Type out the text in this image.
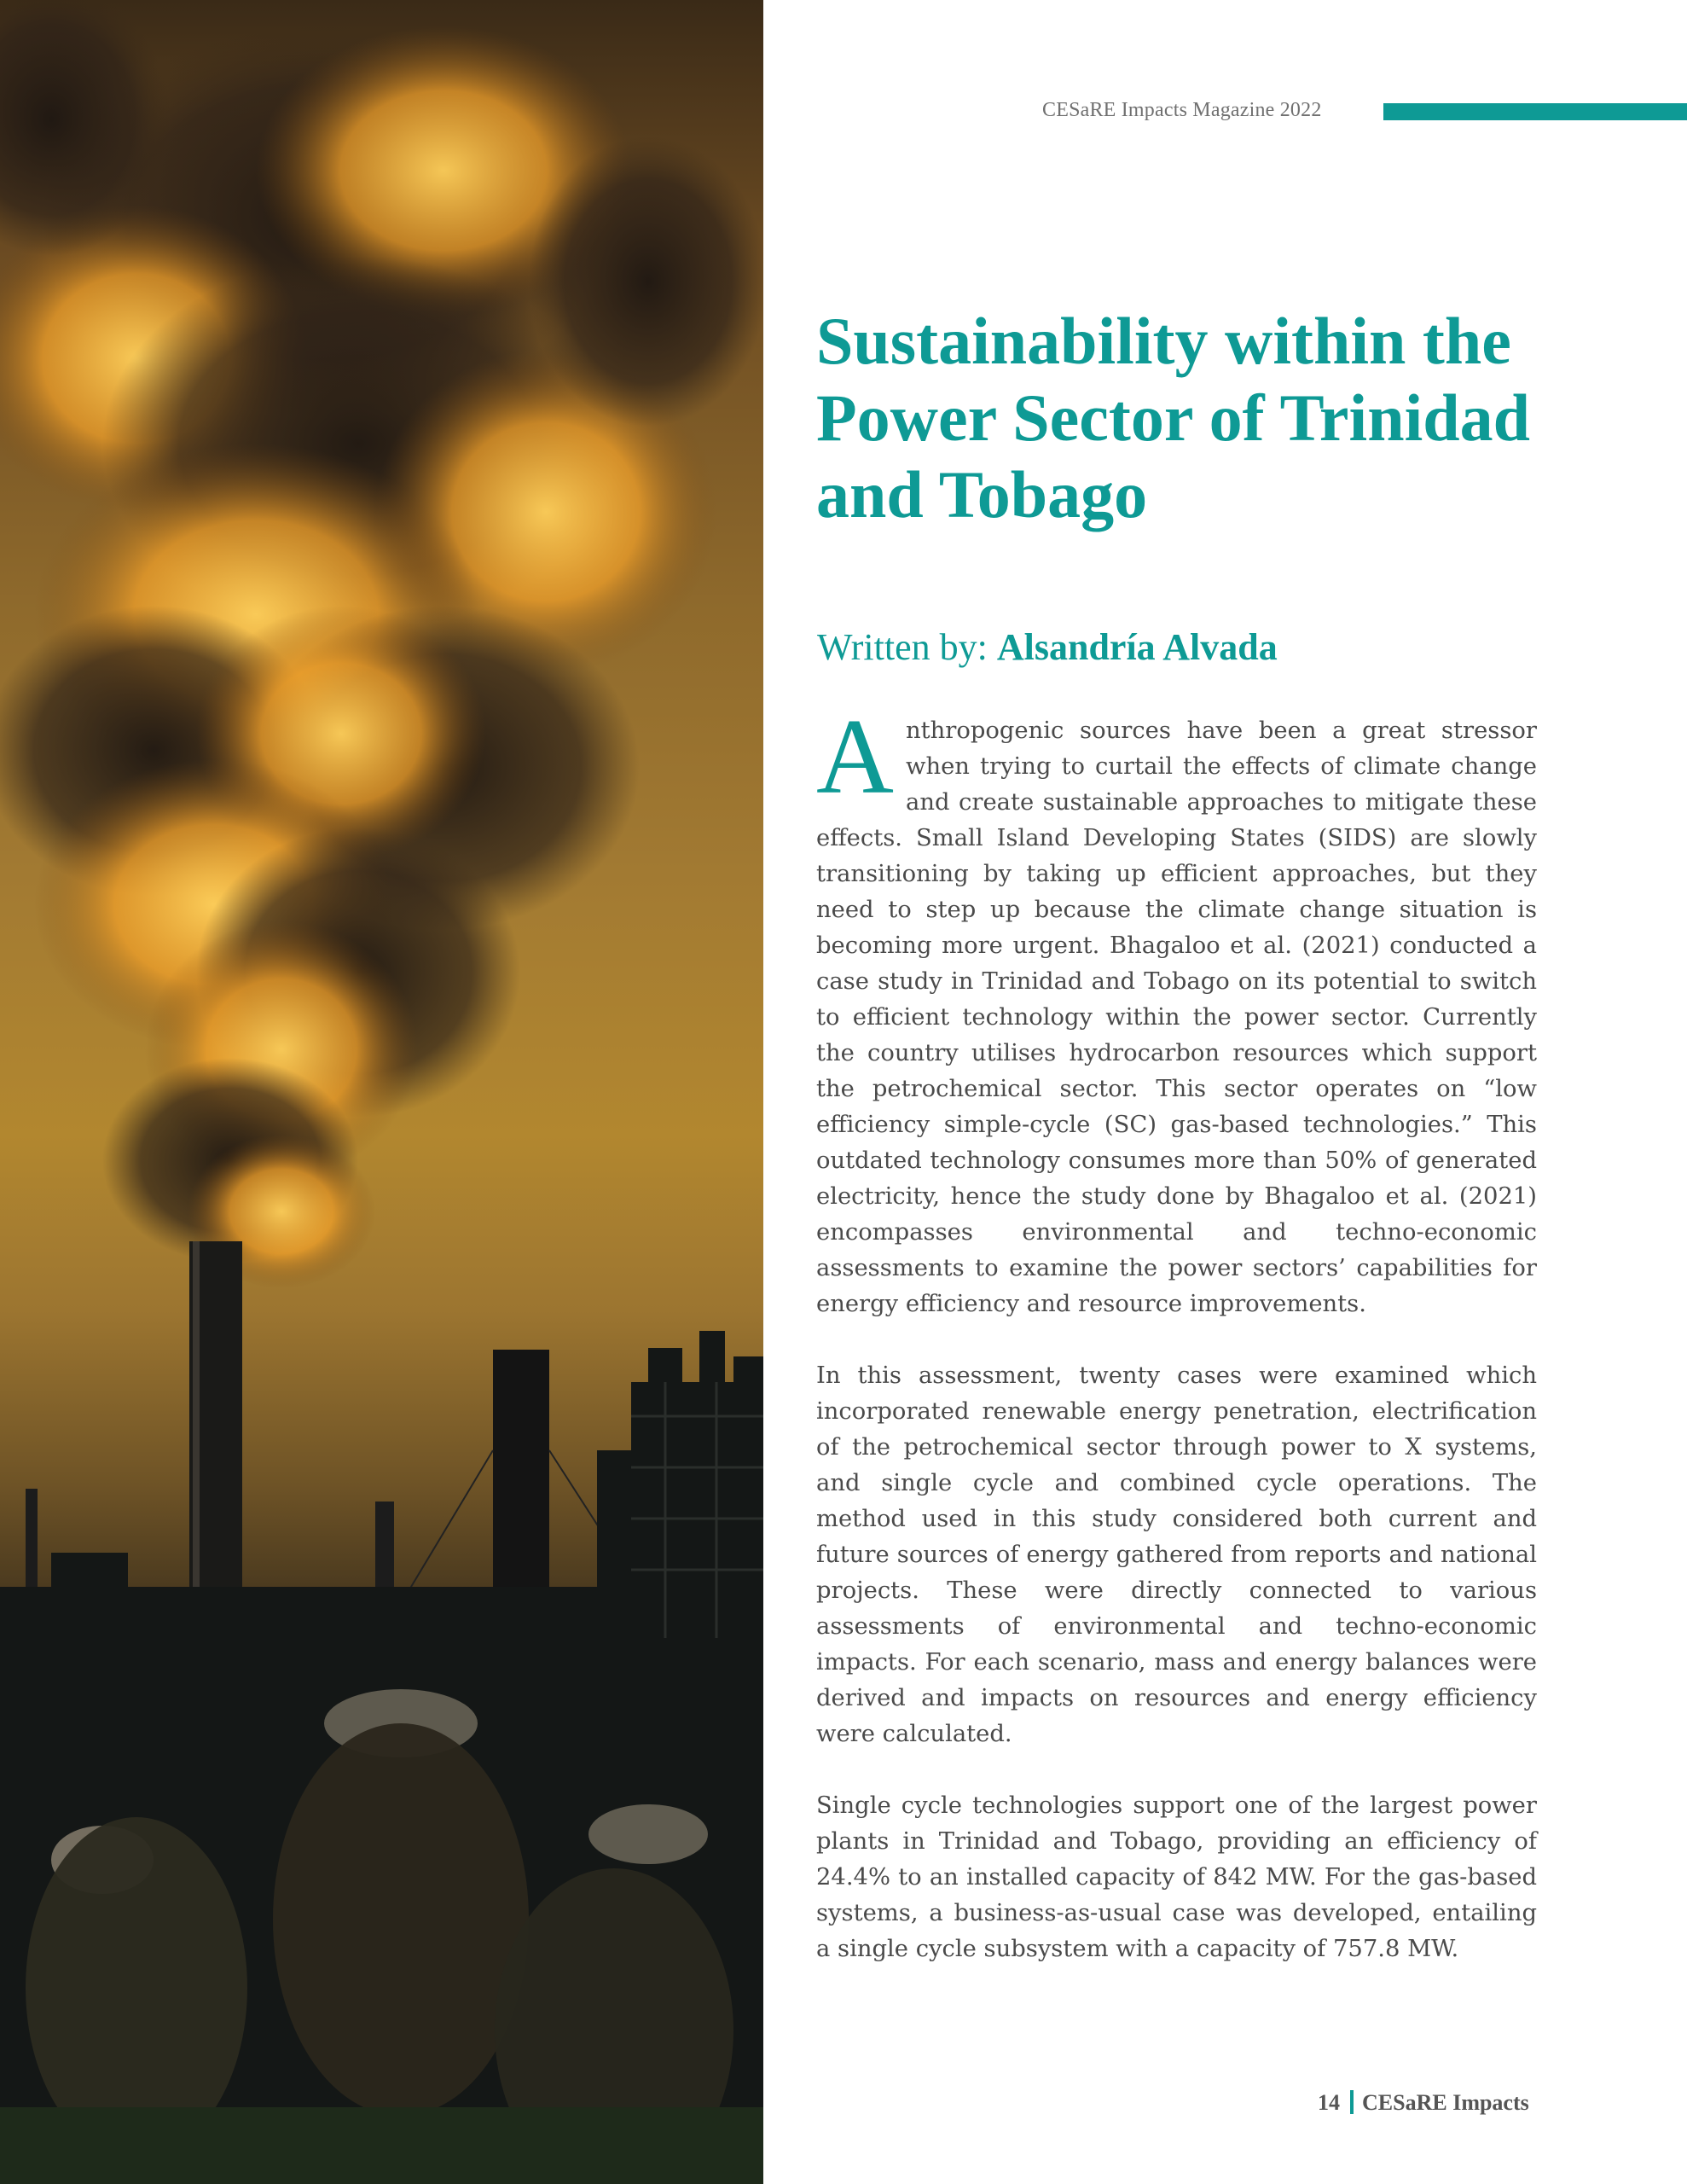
CESaRE Impacts Magazine 2022
Sustainability within the Power Sector of Trinidad and Tobago
Written by: Alsandría Alvada

Anthropogenic sources have been a great stressor when trying to curtail the effects of climate change and create sustainable approaches to mitigate these effects. Small Island Developing States (SIDS) are slowly transitioning by taking up efficient approaches, but they need to step up because the climate change situation is becoming more urgent. Bhagaloo et al. (2021) conducted a case study in Trinidad and Tobago on its potential to switch to efficient technology within the power sector. Currently the country utilises hydrocarbon resources which support the petrochemical sector. This sector operates on “low efficiency simple-cycle (SC) gas-based technologies.” This outdated technology consumes more than 50% of generated electricity, hence the study done by Bhagaloo et al. (2021) encompasses environmental and techno-economic assessments to examine the power sectors’ capabilities for energy efficiency and resource improvements.

In this assessment, twenty cases were examined which incorporated renewable energy penetration, electrification of the petrochemical sector through power to X systems, and single cycle and combined cycle operations. The method used in this study considered both current and future sources of energy gathered from reports and national projects. These were directly connected to various assessments of environmental and techno-economic impacts. For each scenario, mass and energy balances were derived and impacts on resources and energy efficiency were calculated.

Single cycle technologies support one of the largest power plants in Trinidad and Tobago, providing an efficiency of 24.4% to an installed capacity of 842 MW. For the gas-based systems, a business-as-usual case was developed, entailing a single cycle subsystem with a capacity of 757.8 MW.

14 CESaRE Impacts
